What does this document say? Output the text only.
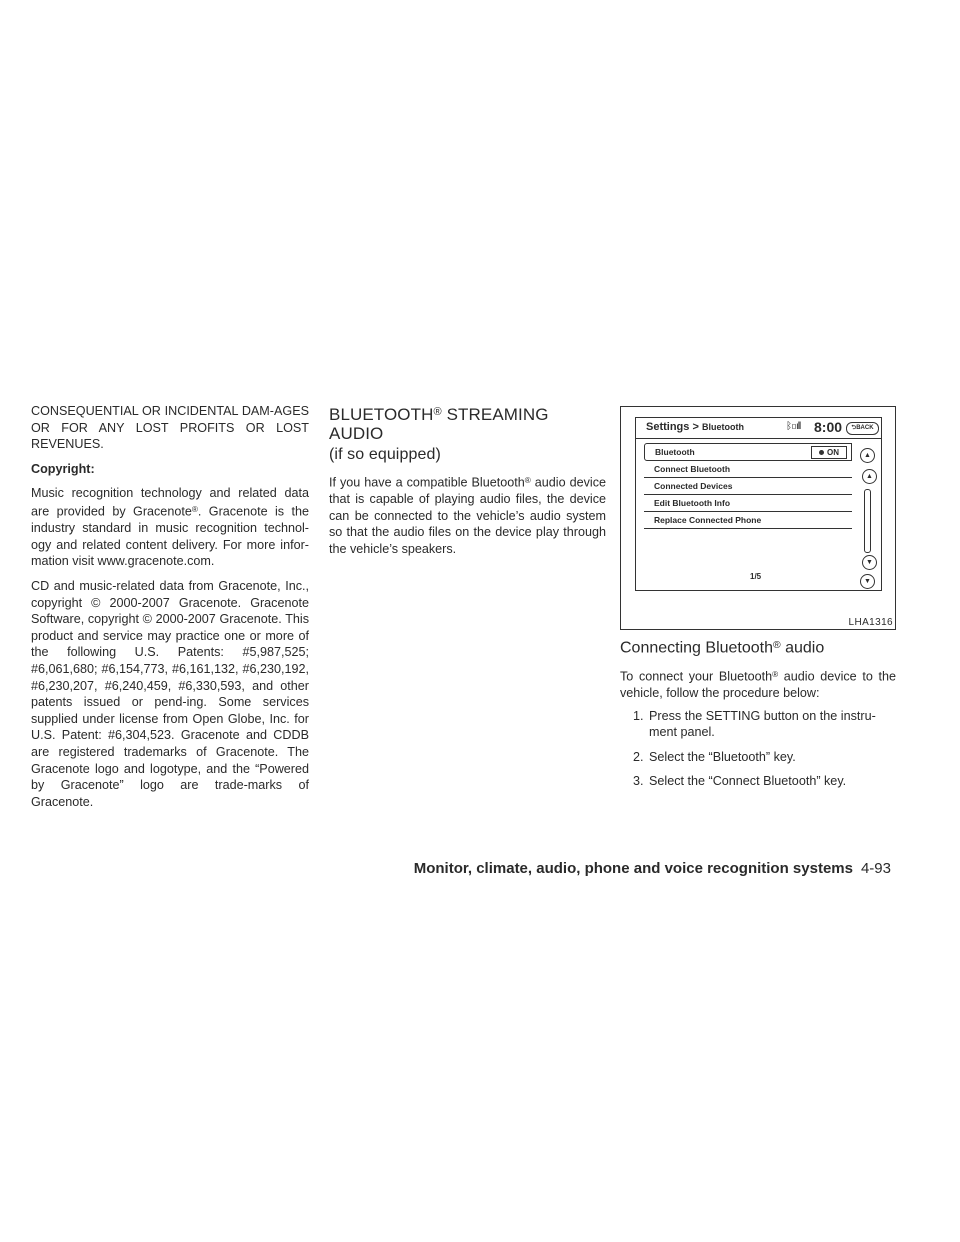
CONSEQUENTIAL OR INCIDENTAL DAM-AGES OR FOR ANY LOST PROFITS OR LOST REVENUES.

Copyright:

Music recognition technology and related data are provided by Gracenote®. Gracenote is the industry standard in music recognition technol-ogy and related content delivery. For more infor-mation visit www.gracenote.com.

CD and music-related data from Gracenote, Inc., copyright © 2000-2007 Gracenote. Gracenote Software, copyright © 2000-2007 Gracenote. This product and service may practice one or more of the following U.S. Patents: #5,987,525; #6,061,680; #6,154,773, #6,161,132, #6,230,192, #6,230,207, #6,240,459, #6,330,593, and other patents issued or pend-ing. Some services supplied under license from Open Globe, Inc. for U.S. Patent: #6,304,523. Gracenote and CDDB are registered trademarks of Gracenote. The Gracenote logo and logotype, and the “Powered by Gracenote” logo are trade-marks of Gracenote.

BLUETOOTH® STREAMING AUDIO
(if so equipped)

If you have a compatible Bluetooth® audio device that is capable of playing audio files, the device can be connected to the vehicle’s audio system so that the audio files on the device play through the vehicle’s speakers.

Settings > Bluetooth	ᛒ▯ıll 8:00	⮌BACK
Bluetooth	ON
Connect Bluetooth
Connected Devices
Edit Bluetooth Info
Replace Connected Phone
▲
▲
▼
▼
1/5
LHA1316
Connecting Bluetooth® audio

To connect your Bluetooth® audio device to the vehicle, follow the procedure below:

1. Press the SETTING button on the instru-ment panel.
2. Select the “Bluetooth” key.
3. Select the “Connect Bluetooth” key.
Monitor, climate, audio, phone and voice recognition systems 4-93
